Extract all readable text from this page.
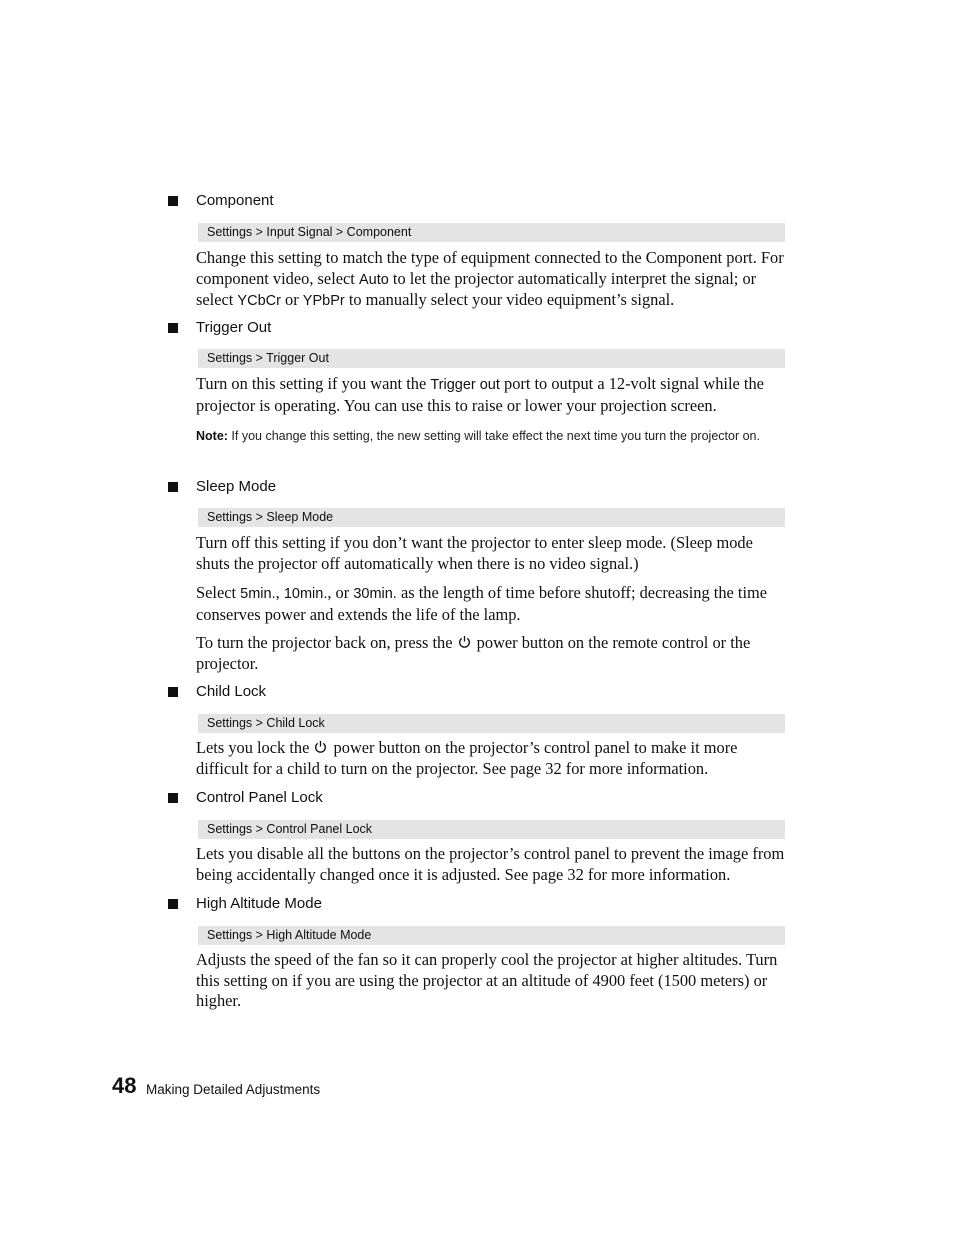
Component
Settings > Input Signal > Component

Change this setting to match the type of equipment connected to the Component port. For component video, select Auto to let the projector automatically interpret the signal; or select YCbCr or YPbPr to manually select your video equipment’s signal.

Trigger Out
Settings > Trigger Out

Turn on this setting if you want the Trigger out port to output a 12-volt signal while the projector is operating. You can use this to raise or lower your projection screen.

Note: If you change this setting, the new setting will take effect the next time you turn the projector on.
Sleep Mode
Settings > Sleep Mode

Turn off this setting if you don’t want the projector to enter sleep mode. (Sleep mode shuts the projector off automatically when there is no video signal.)

Select 5min., 10min., or 30min. as the length of time before shutoff; decreasing the time conserves power and extends the life of the lamp.

To turn the projector back on, press the  power button on the remote control or the projector.

Child Lock
Settings > Child Lock

Lets you lock the  power button on the projector’s control panel to make it more difficult for a child to turn on the projector. See page 32 for more information.

Control Panel Lock
Settings > Control Panel Lock

Lets you disable all the buttons on the projector’s control panel to prevent the image from being accidentally changed once it is adjusted. See page 32 for more information.

High Altitude Mode
Settings > High Altitude Mode

Adjusts the speed of the fan so it can properly cool the projector at higher altitudes. Turn this setting on if you are using the projector at an altitude of 4900 feet (1500 meters) or higher.

48 Making Detailed Adjustments
